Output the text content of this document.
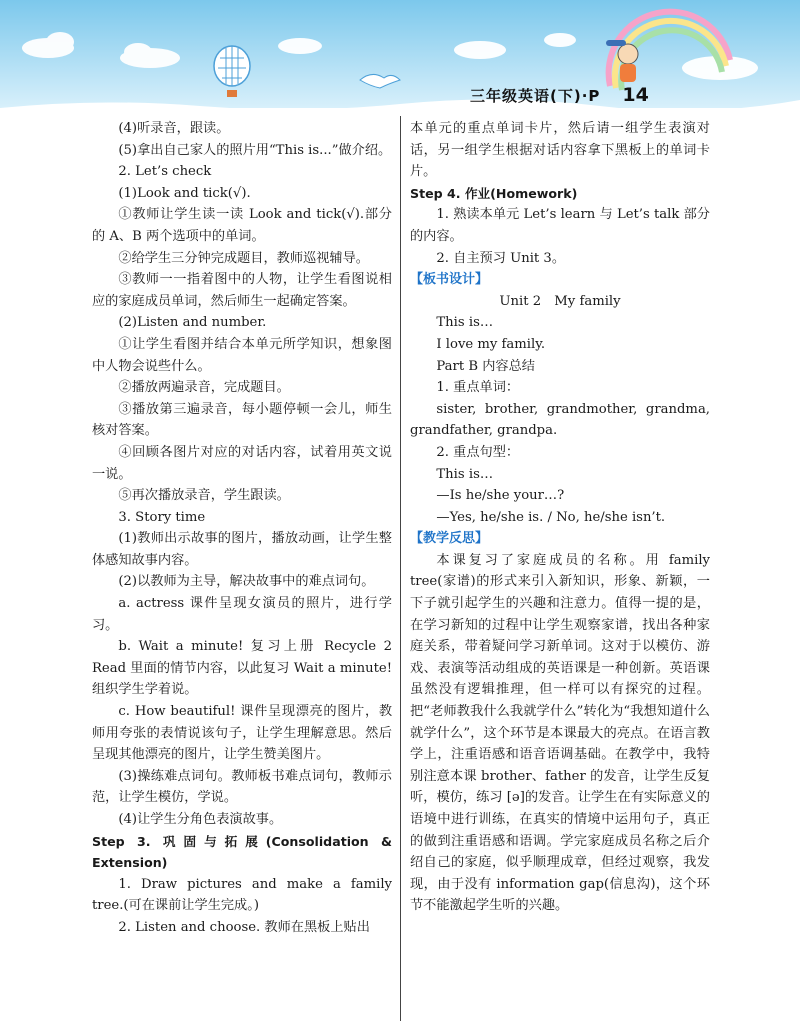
三年级英语(下)·P 14

(4)听录音，跟读。

(5)拿出自己家人的照片用“This is...”做介绍。

2. Let’s check

(1)Look and tick(√).

①教师让学生读一读 Look and tick(√).部分的 A、B 两个选项中的单词。

②给学生三分钟完成题目，教师巡视辅导。

③教师一一指着图中的人物，让学生看图说相应的家庭成员单词，然后师生一起确定答案。

(2)Listen and number.

①让学生看图并结合本单元所学知识，想象图中人物会说些什么。

②播放两遍录音，完成题目。

③播放第三遍录音，每小题停顿一会儿，师生核对答案。

④回顾各图片对应的对话内容，试着用英文说一说。

⑤再次播放录音，学生跟读。

3. Story time

(1)教师出示故事的图片，播放动画，让学生整体感知故事内容。

(2)以教师为主导，解决故事中的难点词句。

a. actress 课件呈现女演员的照片，进行学习。

b. Wait a minute! 复习上册 Recycle 2 Read 里面的情节内容，以此复习 Wait a minute! 组织学生学着说。

c. How beautiful! 课件呈现漂亮的图片，教师用夸张的表情说该句子，让学生理解意思。然后呈现其他漂亮的图片，让学生赞美图片。

(3)操练难点词句。教师板书难点词句，教师示范，让学生模仿，学说。

(4)让学生分角色表演故事。

Step 3. 巩固与拓展(Consolidation & Extension)

1. Draw pictures and make a family tree.(可在课前让学生完成。)

2. Listen and choose. 教师在黑板上贴出

本单元的重点单词卡片，然后请一组学生表演对话，另一组学生根据对话内容拿下黑板上的单词卡片。

Step 4. 作业(Homework)

1. 熟读本单元 Let’s learn 与 Let’s talk 部分的内容。

2. 自主预习 Unit 3。

【板书设计】

Unit 2　My family

This is…

I love my family.

Part B 内容总结

1. 重点单词：

sister, brother, grandmother, grandma, grandfather, grandpa.

2. 重点句型：

This is…

—Is he/she your…?

—Yes, he/she is. / No, he/she isn’t.

【教学反思】

本课复习了家庭成员的名称。用 family tree(家谱)的形式来引入新知识，形象、新颖，一下子就引起学生的兴趣和注意力。值得一提的是，在学习新知的过程中让学生观察家谱，找出各种家庭关系，带着疑问学习新单词。这对于以模仿、游戏、表演等活动组成的英语课是一种创新。英语课虽然没有逻辑推理，但一样可以有探究的过程。把“老师教我什么我就学什么”转化为“我想知道什么就学什么”，这个环节是本课最大的亮点。在语言教学上，注重语感和语音语调基础。在教学中，我特别注意本课 brother、father 的发音，让学生反复听，模仿，练习 [ə]的发音。让学生在有实际意义的语境中进行训练，在真实的情境中运用句子，真正的做到注重语感和语调。学完家庭成员名称之后介绍自己的家庭，似乎顺理成章，但经过观察，我发现，由于没有 information gap(信息沟)，这个环节不能激起学生听的兴趣。
